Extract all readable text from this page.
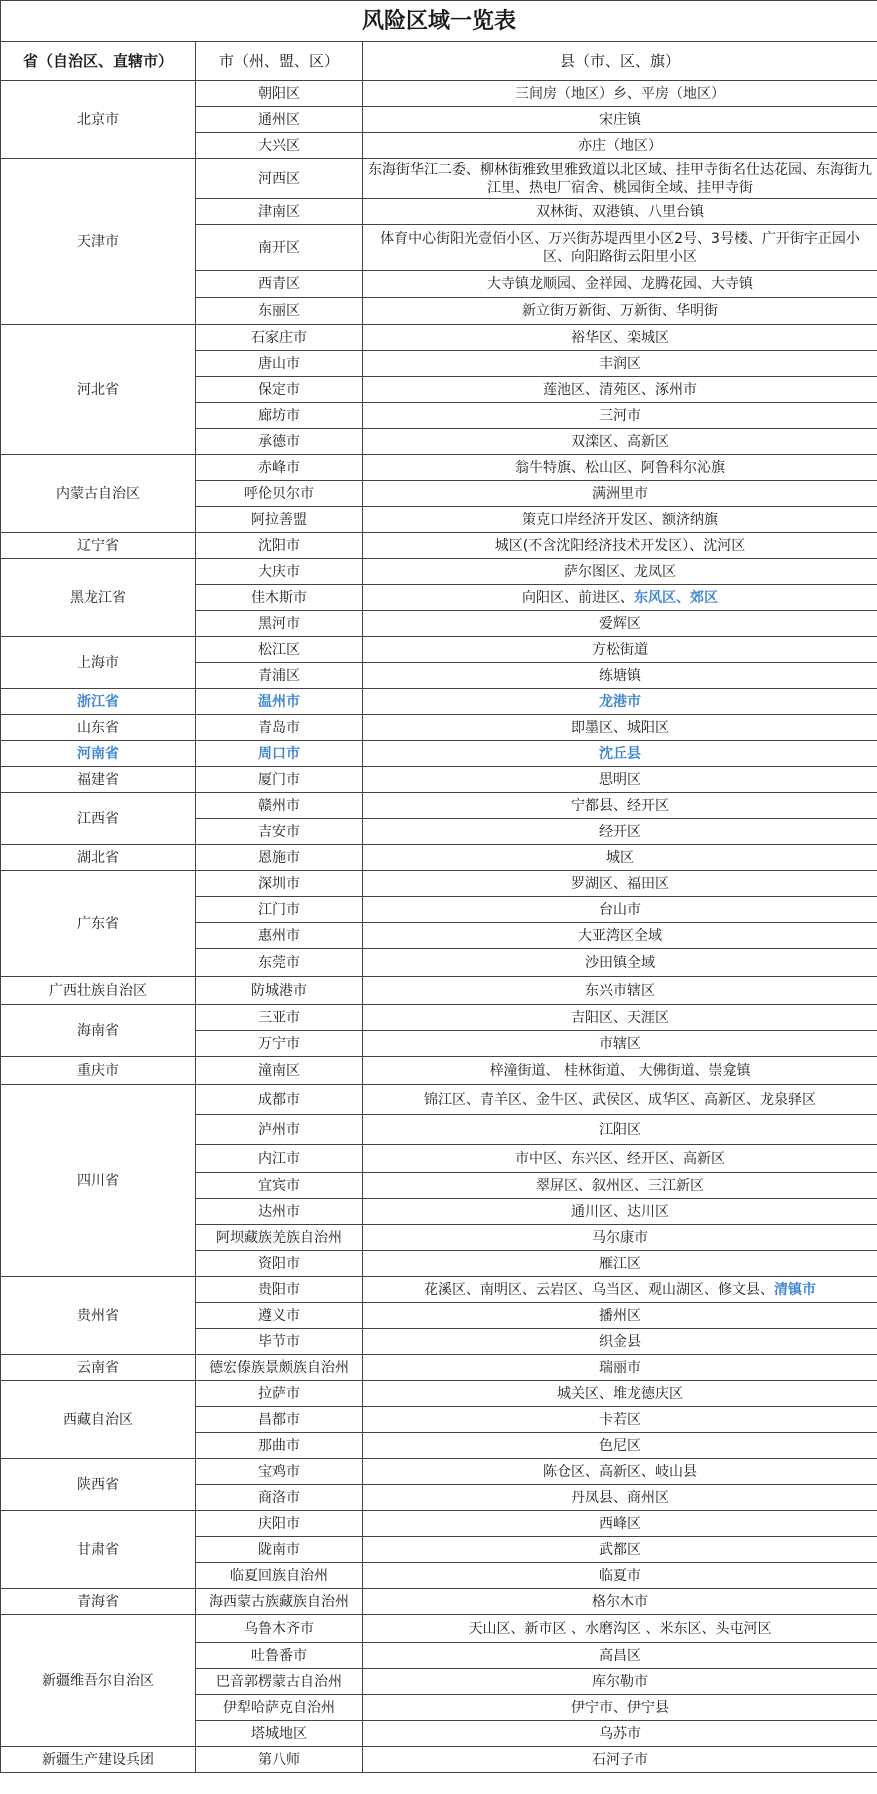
风险区域一览表		
省（自治区、直辖市）	市（州、盟、区）	县（市、区、旗）
北京市	朝阳区	三间房（地区）乡、平房（地区）
	通州区	宋庄镇
	大兴区	亦庄（地区）
天津市	河西区	东海街华江二委、柳林街雅致里雅致道以北区域、挂甲寺街名仕达花园、东海街九江里、热电厂宿舍、桃园街全域、挂甲寺街
	津南区	双林街、双港镇、八里台镇
	南开区	体育中心街阳光壹佰小区、万兴街苏堤西里小区2号、3号楼、广开街宇正园小区、向阳路街云阳里小区
	西青区	大寺镇龙顺园、金祥园、龙腾花园、大寺镇
	东丽区	新立街万新街、万新街、华明街
河北省	石家庄市	裕华区、栾城区
	唐山市	丰润区
	保定市	莲池区、清苑区、涿州市
	廊坊市	三河市
	承德市	双滦区、高新区
内蒙古自治区	赤峰市	翁牛特旗、松山区、阿鲁科尔沁旗
	呼伦贝尔市	满洲里市
	阿拉善盟	策克口岸经济开发区、额济纳旗
辽宁省	沈阳市	城区(不含沈阳经济技术开发区）、沈河区
黑龙江省	大庆市	萨尔图区、龙凤区
	佳木斯市	向阳区、前进区、东风区、郊区
	黑河市	爱辉区
上海市	松江区	方松街道
	青浦区	练塘镇
浙江省	温州市	龙港市
山东省	青岛市	即墨区、城阳区
河南省	周口市	沈丘县
福建省	厦门市	思明区
江西省	赣州市	宁都县、经开区
	吉安市	经开区
湖北省	恩施市	城区
广东省	深圳市	罗湖区、福田区
	江门市	台山市
	惠州市	大亚湾区全域
	东莞市	沙田镇全域
广西壮族自治区	防城港市	东兴市辖区
海南省	三亚市	吉阳区、天涯区
	万宁市	市辖区
重庆市	潼南区	梓潼街道、 桂林街道、 大佛街道、崇龛镇
四川省	成都市	锦江区、青羊区、金牛区、武侯区、成华区、高新区、龙泉驿区
	泸州市	江阳区
	内江市	市中区、东兴区、经开区、高新区
	宜宾市	翠屏区、叙州区、三江新区
	达州市	通川区、达川区
	阿坝藏族羌族自治州	马尔康市
	资阳市	雁江区
贵州省	贵阳市	花溪区、南明区、云岩区、乌当区、观山湖区、修文县、清镇市
	遵义市	播州区
	毕节市	织金县
云南省	德宏傣族景颇族自治州	瑞丽市
西藏自治区	拉萨市	城关区、堆龙德庆区
	昌都市	卡若区
	那曲市	色尼区
陕西省	宝鸡市	陈仓区、高新区、岐山县
	商洛市	丹凤县、商州区
甘肃省	庆阳市	西峰区
	陇南市	武都区
	临夏回族自治州	临夏市
青海省	海西蒙古族藏族自治州	格尔木市
新疆维吾尔自治区	乌鲁木齐市	天山区、新市区 、水磨沟区 、米东区、头屯河区
	吐鲁番市	高昌区
	巴音郭楞蒙古自治州	库尔勒市
	伊犁哈萨克自治州	伊宁市、伊宁县
	塔城地区	乌苏市
新疆生产建设兵团	第八师	石河子市
